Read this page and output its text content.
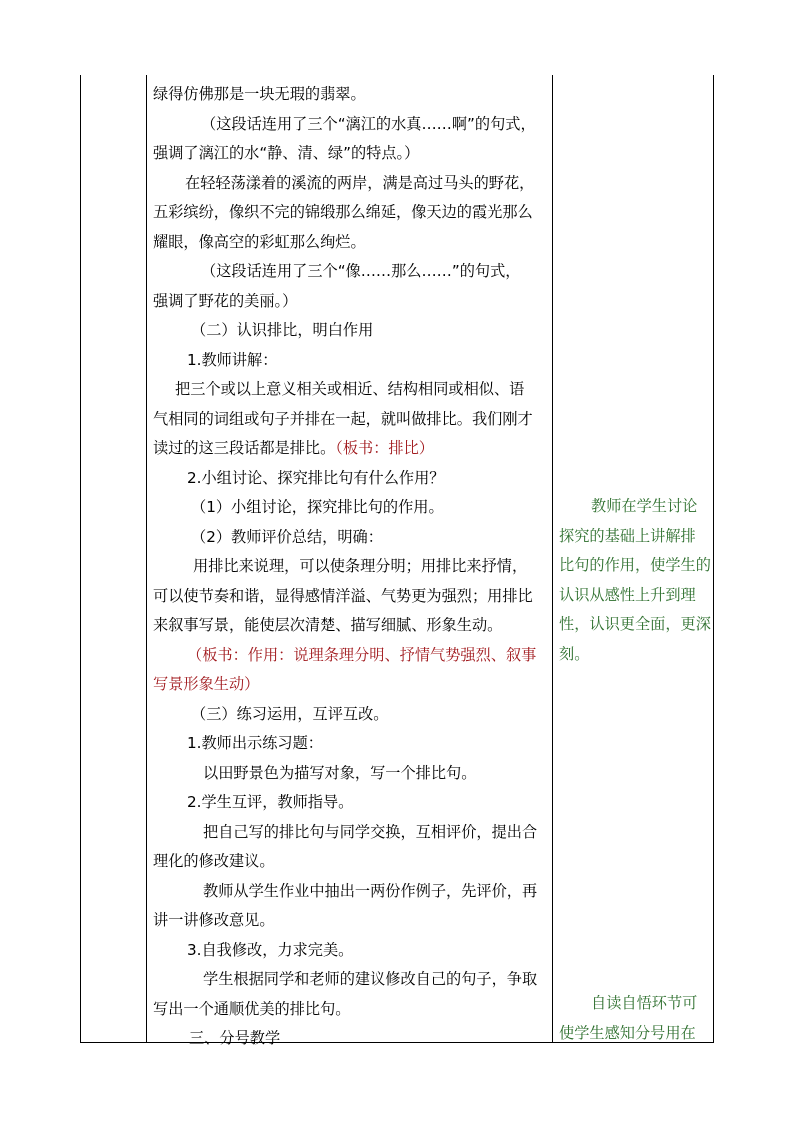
绿得仿佛那是一块无瑕的翡翠。
（这段话连用了三个“漓江的水真……啊”的句式，
强调了漓江的水“静、清、绿”的特点。）
在轻轻荡漾着的溪流的两岸，满是高过马头的野花，
五彩缤纷，像织不完的锦缎那么绵延，像天边的霞光那么
耀眼，像高空的彩虹那么绚烂。
（这段话连用了三个“像……那么……”的句式，
强调了野花的美丽。）
（二）认识排比，明白作用
1.教师讲解：
把三个或以上意义相关或相近、结构相同或相似、语
气相同的词组或句子并排在一起，就叫做排比。我们刚才
读过的这三段话都是排比。（板书：排比）
2.小组讨论、探究排比句有什么作用？
（1）小组讨论，探究排比句的作用。
（2）教师评价总结，明确：
用排比来说理，可以使条理分明；用排比来抒情，
可以使节奏和谐，显得感情洋溢、气势更为强烈；用排比
来叙事写景，能使层次清楚、描写细腻、形象生动。
（板书：作用：说理条理分明、抒情气势强烈、叙事
写景形象生动）
（三）练习运用，互评互改。
1.教师出示练习题：
以田野景色为描写对象，写一个排比句。
2.学生互评，教师指导。
把自己写的排比句与同学交换，互相评价，提出合
理化的修改建议。
教师从学生作业中抽出一两份作例子，先评价，再
讲一讲修改意见。
3.自我修改，力求完美。
学生根据同学和老师的建议修改自己的句子，争取
写出一个通顺优美的排比句。
三、分号教学
教师在学生讨论
探究的基础上讲解排
比句的作用，使学生的
认识从感性上升到理
性，认识更全面，更深
刻。
自读自悟环节可
使学生感知分号用在
